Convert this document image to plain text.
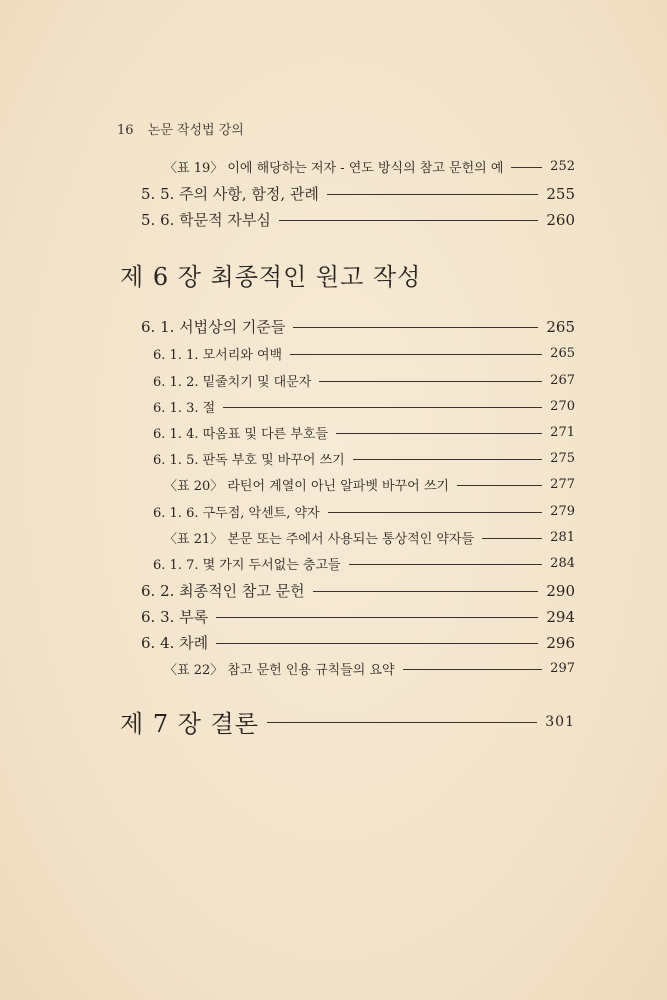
16 논문 작성법 강의
〈표 19〉 이에 해당하는 저자 - 연도 방식의 참고 문헌의 예	252
5. 5. 주의 사항, 함정, 관례	255
5. 6. 학문적 자부심	260
제 6 장 최종적인 원고 작성
6. 1. 서법상의 기준들	265
6. 1. 1. 모서리와 여백	265
6. 1. 2. 밑줄치기 및 대문자	267
6. 1. 3. 절	270
6. 1. 4. 따옴표 및 다른 부호들	271
6. 1. 5. 판독 부호 및 바꾸어 쓰기	275
〈표 20〉 라틴어 계열이 아닌 알파벳 바꾸어 쓰기	277
6. 1. 6. 구두점, 악센트, 약자	279
〈표 21〉 본문 또는 주에서 사용되는 통상적인 약자들	281
6. 1. 7. 몇 가지 두서없는 충고들	284
6. 2. 최종적인 참고 문헌	290
6. 3. 부록	294
6. 4. 차례	296
〈표 22〉 참고 문헌 인용 규칙들의 요약	297
제 7 장 결론	301
